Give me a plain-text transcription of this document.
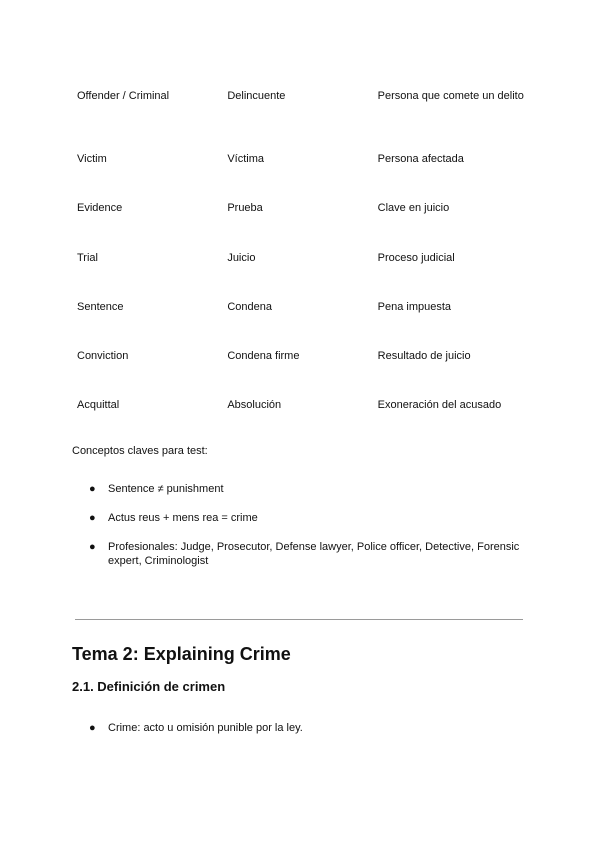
Offender / Criminal	Delincuente	Persona que comete un delito
Victim	Víctima	Persona afectada
Evidence	Prueba	Clave en juicio
Trial	Juicio	Proceso judicial
Sentence	Condena	Pena impuesta
Conviction	Condena firme	Resultado de juicio
Acquittal	Absolución	Exoneración del acusado
Conceptos claves para test:
● Sentence ≠ punishment
● Actus reus + mens rea = crime
● Profesionales: Judge, Prosecutor, Defense lawyer, Police officer, Detective, Forensic expert, Criminologist
Tema 2: Explaining Crime
2.1. Definición de crimen
● Crime: acto u omisión punible por la ley.
